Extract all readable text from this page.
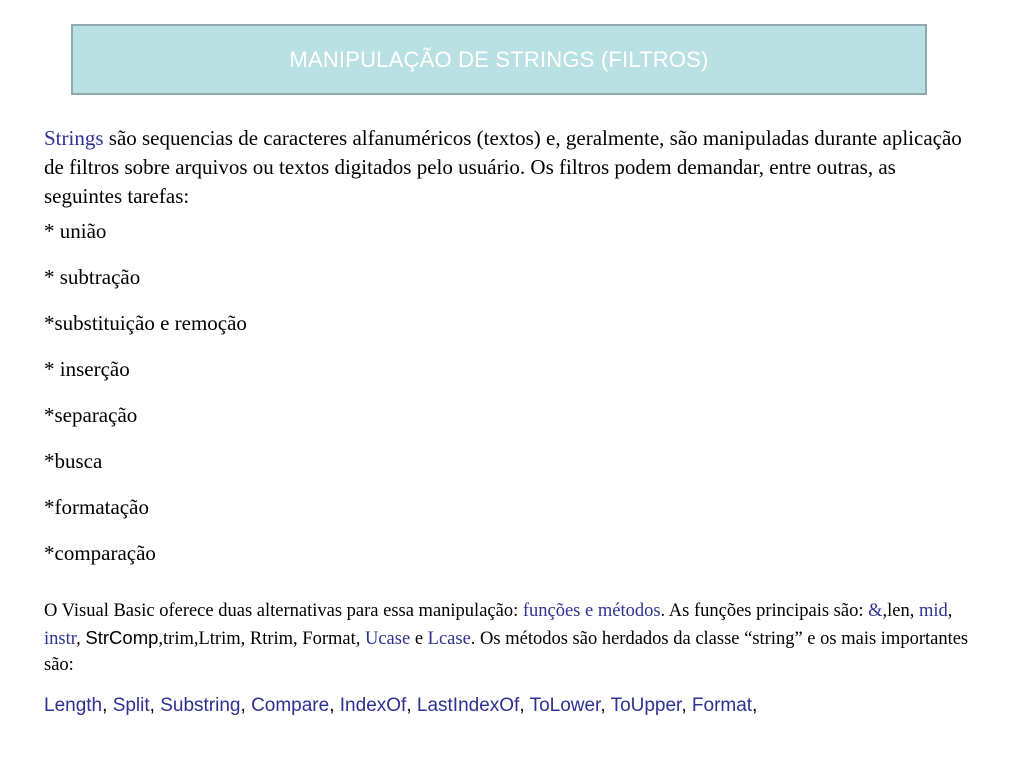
MANIPULAÇÃO DE STRINGS (FILTROS)

Strings são sequencias de caracteres alfanuméricos (textos) e, geralmente, são manipuladas durante aplicação de filtros sobre arquivos ou textos digitados pelo usuário. Os filtros podem demandar, entre outras, as seguintes tarefas:

* união
* subtração
*substituição e remoção
* inserção
*separação
*busca
*formatação
*comparação

O Visual Basic oferece duas alternativas para essa manipulação: funções e métodos. As funções principais são: &,len, mid, instr, StrComp,trim,Ltrim, Rtrim, Format, Ucase e Lcase. Os métodos são herdados da classe “string” e os mais importantes são:

Length, Split, Substring, Compare, IndexOf, LastIndexOf, ToLower, ToUpper, Format,
